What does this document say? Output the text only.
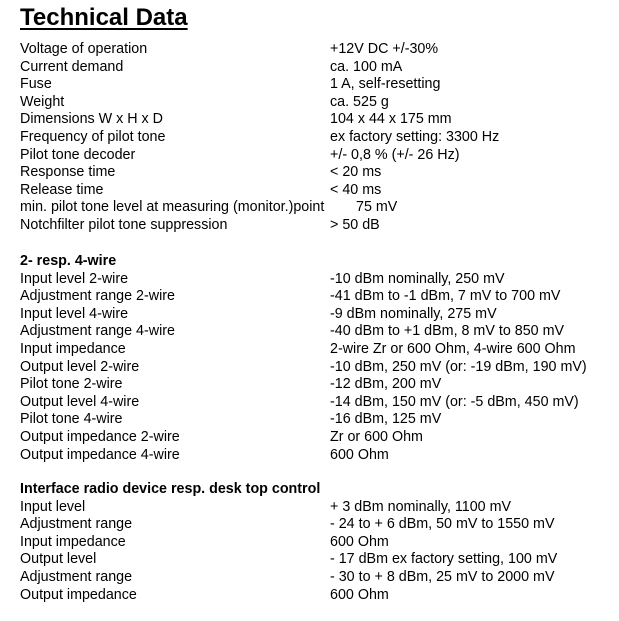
Technical Data
Voltage of operation	+12V DC +/-30%
Current demand	ca. 100 mA
Fuse	1 A, self-resetting
Weight	ca. 525 g
Dimensions W x H x D	104 x 44 x 175 mm
Frequency of pilot tone	ex factory setting: 3300 Hz
Pilot tone decoder	+/- 0,8 % (+/- 26 Hz)
Response time	< 20 ms
Release time	< 40 ms
min. pilot tone level at measuring (monitor.)point 75 mV
Notchfilter pilot tone suppression	> 50 dB
2- resp. 4-wire
Input level 2-wire	-10 dBm nominally, 250 mV
Adjustment range 2-wire	-41 dBm to -1 dBm, 7 mV to 700 mV
Input level 4-wire	-9 dBm nominally, 275 mV
Adjustment range 4-wire	-40 dBm to +1 dBm, 8 mV to 850 mV
Input impedance	2-wire Zr or 600 Ohm, 4-wire 600 Ohm
Output level 2-wire	-10 dBm, 250 mV (or: -19 dBm, 190 mV)
Pilot tone 2-wire	-12 dBm, 200 mV
Output level 4-wire	-14 dBm, 150 mV (or: -5 dBm, 450 mV)
Pilot tone 4-wire	-16 dBm, 125 mV
Output impedance 2-wire	Zr or 600 Ohm
Output impedance 4-wire	600 Ohm
Interface radio device resp. desk top control
Input level	+ 3 dBm nominally, 1100 mV
Adjustment range	- 24 to + 6 dBm, 50 mV to 1550 mV
Input impedance	600 Ohm
Output level	- 17 dBm ex factory setting, 100 mV
Adjustment range	- 30 to + 8 dBm, 25 mV to 2000 mV
Output impedance	600 Ohm
